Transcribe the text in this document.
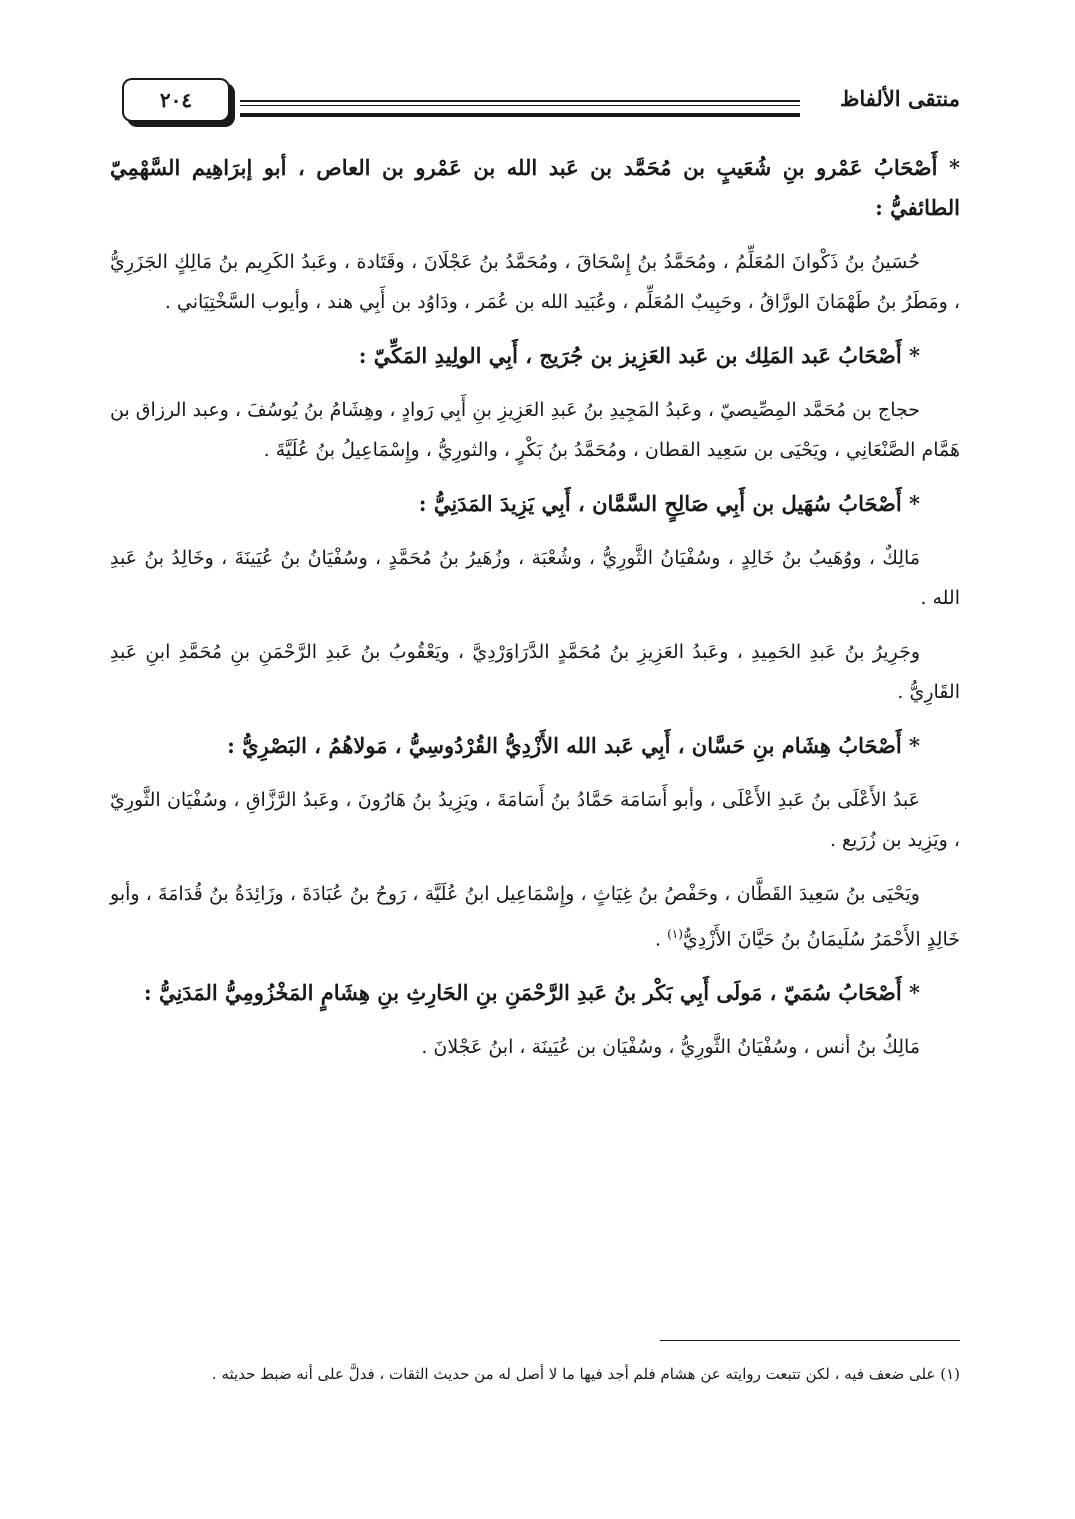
منتقى الألفاظ
٢٠٤
* أَصْحَابُ عَمْرو بنِ شُعَيبٍ بن مُحَمَّد بن عَبد الله بن عَمْرو بن العاص ، أبو إبرَاهِيم السَّهْمِيّ الطائفيُّ :
حُسَينُ بنُ ذَكْوانَ المُعَلِّمُ ، ومُحَمَّدُ بنُ إِسْحَاقَ ، ومُحَمَّدُ بنُ عَجْلَانَ ، وقَتَادة ، وعَبدُ الكَرِيم بنُ مَالِكٍ الجَزَرِيُّ ، ومَطَرُ بنُ طَهْمَانَ الورَّاقُ ، وحَبِيبٌ المُعَلِّم ، وعُبَيد الله بن عُمَر ، ودَاوُد بن أَبِي هند ، وأيوب السَّخْتِيَاني .
* أَصْحَابُ عَبد المَلِك بن عَبد العَزِيز بن جُرَيج ، أَبِي الولِيدِ المَكِّيّ :
حجاج بن مُحَمَّد المِصِّيصيّ ، وعَبدُ المَجِيدِ بنُ عَبدِ العَزِيزِ بنِ أَبِي رَوادٍ ، وهِشَامُ بنُ يُوسُفَ ، وعبد الرزاق بن هَمَّام الصَّنْعَانِي ، ويَحْيَى بن سَعِيد القطان ، ومُحَمَّدُ بنُ بَكْرٍ ، والثورِيُّ ، وإِسْمَاعِيلُ بنُ عُلَيَّةَ .
* أَصْحَابُ سُهَيل بن أَبِي صَالِحٍ السَّمَّان ، أَبِي يَزِيدَ المَدَنِيُّ :
مَالِكٌ ، ووُهَيبُ بنُ خَالِدٍ ، وسُفْيَانُ الثَّورِيُّ ، وشُعْبَة ، وزُهَيرُ بنُ مُحَمَّدٍ ، وسُفْيَانُ بنُ عُيَينَةَ ، وخَالِدُ بنُ عَبدِ الله .
وجَرِيرُ بنُ عَبدِ الحَمِيدِ ، وعَبدُ العَزِيزِ بنُ مُحَمَّدٍ الدَّرَاوَرْدِيَّ ، ويَعْقُوبُ بنُ عَبدِ الرَّحْمَنِ بنِ مُحَمَّدِ ابنِ عَبدِ القَارِيُّ .
* أَصْحَابُ هِشَام بنِ حَسَّان ، أَبِي عَبد الله الأَزْدِيُّ القُرْدُوسِيُّ ، مَولاهُمُ ، البَصْرِيُّ :
عَبدُ الأَعْلَى بنُ عَبدِ الأَعْلَى ، وأبو أَسَامَة حَمَّادُ بنُ أَسَامَةَ ، ويَزِيدُ بنُ هَارُونَ ، وعَبدُ الرَّزَّاقِ ، وسُفْيَان الثَّورِيّ ، ويَزِيد بن زُرَيع .
ويَحْيَى بنُ سَعِيدَ القَطَّان ، وحَفْصُ بنُ غِيَاثٍ ، وإِسْمَاعِيل ابنُ عُلَيَّة ، رَوحُ بنُ عُبَادَةَ ، وزَائِدَةُ بنُ قُدَامَةَ ، وأبو خَالِدٍ الأَحْمَرُ سُلَيمَانُ بنُ حَيَّانَ الأَزْدِيُّ$^{(١)}$ .
* أَصْحَابُ سُمَيّ ، مَولَى أَبِي بَكْر بنُ عَبدِ الرَّحْمَنِ بنِ الحَارِثِ بنِ هِشَامٍ المَخْزُومِيُّ المَدَنِيُّ :
مَالِكُ بنُ أنس ، وسُفْيَانُ الثَّورِيُّ ، وسُفْيَان بن عُيَينَة ، ابنُ عَجْلانَ .
(١) على ضعف فيه ، لكن تتبعت روايته عن هشام فلم أجد فيها ما لا أصل له من حديث الثقات ، فدلَّ على أنه ضبط حديثه .
